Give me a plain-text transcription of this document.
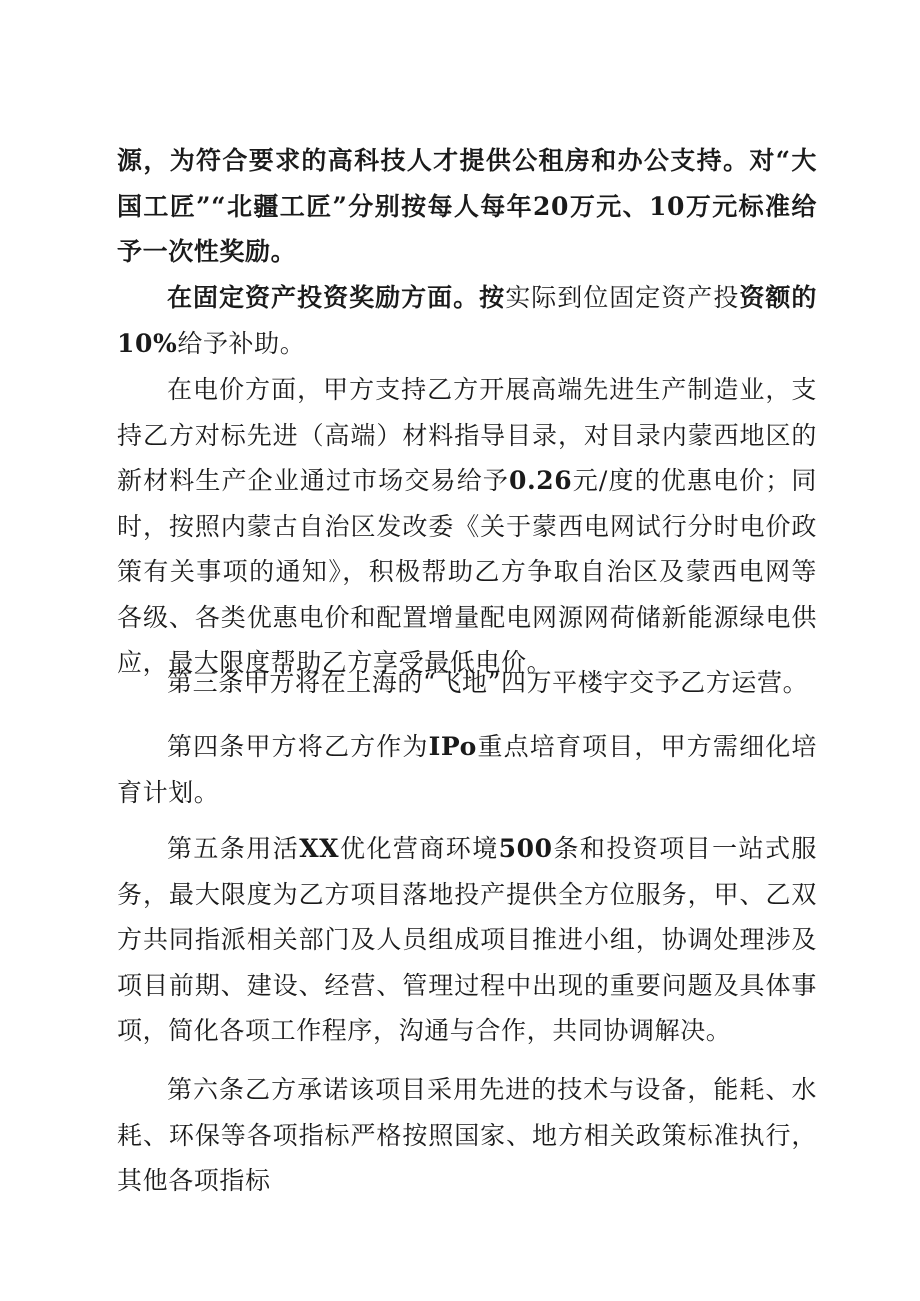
源，为符合要求的高科技人才提供公租房和办公支持。对“大国工匠”“北疆工匠”分别按每人每年20万元、10万元标准给予一次性奖励。

在固定资产投资奖励方面。按实际到位固定资产投资额的10%给予补助。

在电价方面，甲方支持乙方开展高端先进生产制造业，支持乙方对标先进（高端）材料指导目录，对目录内蒙西地区的新材料生产企业通过市场交易给予0.26元/度的优惠电价；同时，按照内蒙古自治区发改委《关于蒙西电网试行分时电价政策有关事项的通知》，积极帮助乙方争取自治区及蒙西电网等各级、各类优惠电价和配置增量配电网源网荷储新能源绿电供应，最大限度帮助乙方享受最低电价。

第三条甲方将在上海的“飞地”四万平楼宇交予乙方运营。

第四条甲方将乙方作为IPo重点培育项目，甲方需细化培育计划。

第五条用活XX优化营商环境500条和投资项目一站式服务，最大限度为乙方项目落地投产提供全方位服务，甲、乙双方共同指派相关部门及人员组成项目推进小组，协调处理涉及项目前期、建设、经营、管理过程中出现的重要问题及具体事项，简化各项工作程序，沟通与合作，共同协调解决。

第六条乙方承诺该项目采用先进的技术与设备，能耗、水耗、环保等各项指标严格按照国家、地方相关政策标准执行，其他各项指标
